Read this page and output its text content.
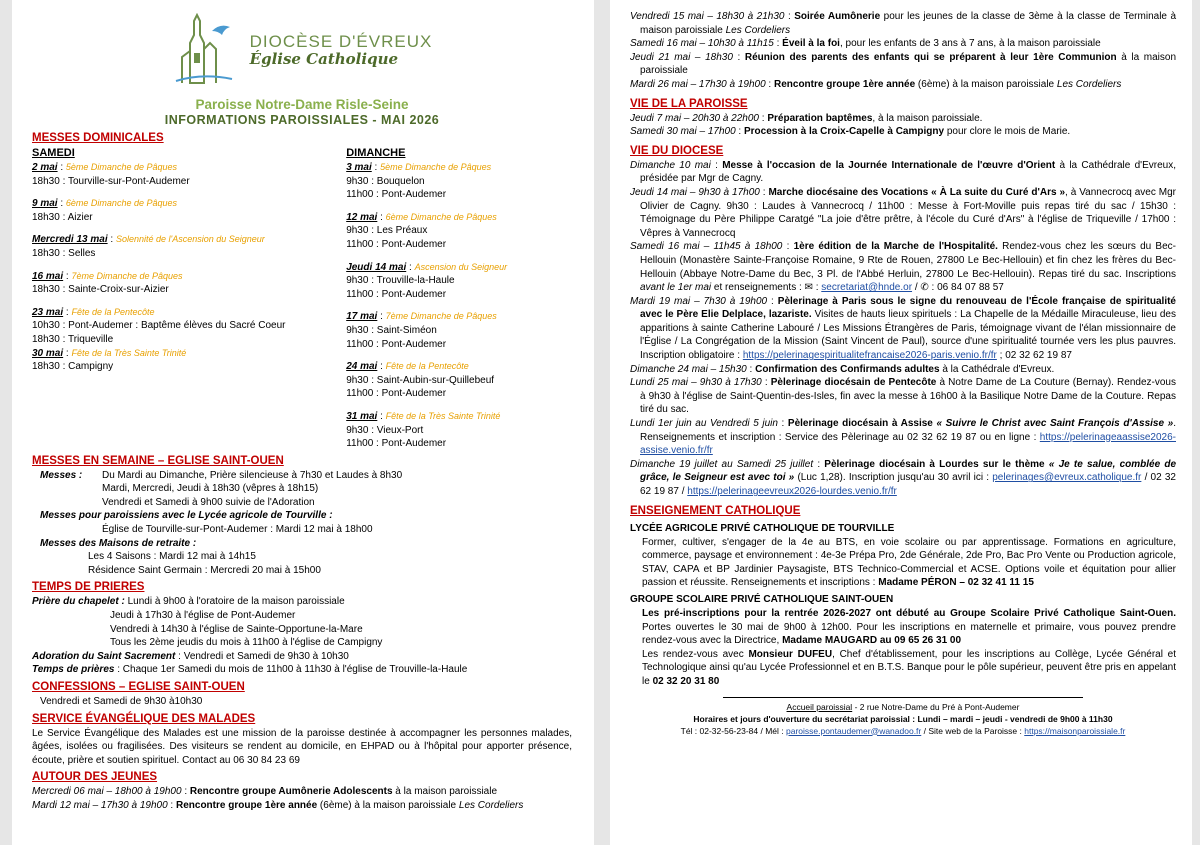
DIOCÈSE D'ÉVREUX
Église Catholique
Paroisse Notre-Dame Risle-Seine
INFORMATIONS PAROISSIALES - MAI 2026
MESSES DOMINICALES
SAMEDI
2 mai : 5ème Dimanche de Pâques
18h30 : Tourville-sur-Pont-Audemer
9 mai : 6ème Dimanche de Pâques
18h30 : Aizier
Mercredi 13 mai : Solennité de l'Ascension du Seigneur
18h30 : Selles
16 mai : 7ème Dimanche de Pâques
18h30 : Sainte-Croix-sur-Aizier
23 mai : Fête de la Pentecôte
10h30 : Pont-Audemer : Baptême élèves du Sacré Coeur
18h30 : Triqueville
30 mai : Fête de la Très Sainte Trinité
18h30 : Campigny
DIMANCHE
3 mai : 5ème Dimanche de Pâques
9h30 : Bouquelon
11h00 : Pont-Audemer
12 mai : 6ème Dimanche de Pâques
9h30 : Les Préaux
11h00 : Pont-Audemer
Jeudi 14 mai : Ascension du Seigneur
9h30 : Trouville-la-Haule
11h00 : Pont-Audemer
17 mai : 7ème Dimanche de Pâques
9h30 : Saint-Siméon
11h00 : Pont-Audemer
24 mai : Fête de la Pentecôte
9h30 : Saint-Aubin-sur-Quillebeuf
11h00 : Pont-Audemer
31 mai : Fête de la Très Sainte Trinité
9h30 : Vieux-Port
11h00 : Pont-Audemer
MESSES EN SEMAINE – EGLISE SAINT-OUEN
Messes :	Du Mardi au Dimanche, Prière silencieuse à 7h30 et Laudes à 8h30
Mardi, Mercredi, Jeudi à 18h30 (vêpres à 18h15)
Vendredi et Samedi à 9h00 suivie de l'Adoration
Messes pour paroissiens avec le Lycée agricole de Tourville :
Église de Tourville-sur-Pont-Audemer : Mardi 12 mai à 18h00
Messes des Maisons de retraite :
Les 4 Saisons : Mardi 12 mai à 14h15
Résidence Saint Germain : Mercredi 20 mai à 15h00
TEMPS DE PRIERES
Prière du chapelet : Lundi à 9h00 à l'oratoire de la maison paroissiale
Jeudi à 17h30 à l'église de Pont-Audemer
Vendredi à 14h30 à l'église de Sainte-Opportune-la-Mare
Tous les 2ème jeudis du mois à 11h00 à l'église de Campigny
Adoration du Saint Sacrement : Vendredi et Samedi de 9h30 à 10h30
Temps de prières : Chaque 1er Samedi du mois de 11h00 à 11h30 à l'église de Trouville-la-Haule
CONFESSIONS – EGLISE SAINT-OUEN
Vendredi et Samedi de 9h30 à10h30
SERVICE ÉVANGÉLIQUE DES MALADES
Le Service Évangélique des Malades est une mission de la paroisse destinée à accompagner les personnes malades, âgées, isolées ou fragilisées. Des visiteurs se rendent au domicile, en EHPAD ou à l'hôpital pour apporter présence, écoute, prière et soutien spirituel. Contact au 06 30 84 23 69
AUTOUR DES JEUNES
Mercredi 06 mai – 18h00 à 19h00 : Rencontre groupe Aumônerie Adolescents à la maison paroissiale
Mardi 12 mai – 17h30 à 19h00 : Rencontre groupe 1ère année (6ème) à la maison paroissiale Les Cordeliers
Vendredi 15 mai – 18h30 à 21h30 : Soirée Aumônerie pour les jeunes de la classe de 3ème à la classe de Terminale à maison paroissiale Les Cordeliers
Samedi 16 mai – 10h30 à 11h15 : Éveil à la foi, pour les enfants de 3 ans à 7 ans, à la maison paroissiale
Jeudi 21 mai – 18h30 : Réunion des parents des enfants qui se préparent à leur 1ère Communion à la maison paroissiale
Mardi 26 mai – 17h30 à 19h00 : Rencontre groupe 1ère année (6ème) à la maison paroissiale Les Cordeliers
VIE DE LA PAROISSE
Jeudi 7 mai – 20h30 à 22h00 : Préparation baptêmes, à la maison paroissiale.
Samedi 30 mai – 17h00 : Procession à la Croix-Capelle à Campigny pour clore le mois de Marie.
VIE DU DIOCESE
Dimanche 10 mai : Messe à l'occasion de la Journée Internationale de l'œuvre d'Orient à la Cathédrale d'Evreux, présidée par Mgr de Cagny.
Jeudi 14 mai – 9h30 à 17h00 : Marche diocésaine des Vocations « À La suite du Curé d'Ars », à Vannecrocq avec Mgr Olivier de Cagny. 9h30 : Laudes à Vannecrocq / 11h00 : Messe à Fort-Moville puis repas tiré du sac / 15h30 : Témoignage du Père Philippe Caratgé "La joie d'être prêtre, à l'école du Curé d'Ars" à l'église de Triqueville / 17h00 : Vêpres à Vannecrocq
Samedi 16 mai – 11h45 à 18h00 : 1ère édition de la Marche de l'Hospitalité. Rendez-vous chez les sœurs du Bec-Hellouin (Monastère Sainte-Françoise Romaine, 9 Rte de Rouen, 27800 Le Bec-Hellouin) et fin chez les frères du Bec-Hellouin (Abbaye Notre-Dame du Bec, 3 Pl. de l'Abbé Herluin, 27800 Le Bec-Hellouin). Repas tiré du sac. Inscriptions avant le 1er mai et renseignements : ✉ : secretariat@hnde.or / ✆ : 06 84 07 88 57
Mardi 19 mai – 7h30 à 19h00 : Pèlerinage à Paris sous le signe du renouveau de l'École française de spiritualité avec le Père Elie Delplace, lazariste. Visites de hauts lieux spirituels : La Chapelle de la Médaille Miraculeuse, lieu des apparitions à sainte Catherine Labouré / Les Missions Étrangères de Paris, témoignage vivant de l'élan missionnaire de l'Église / La Congrégation de la Mission (Saint Vincent de Paul), source d'une spiritualité tournée vers les plus pauvres. Inscription obligatoire : https://pelerinagespiritualitefrancaise2026-paris.venio.fr/fr ; 02 32 62 19 87
Dimanche 24 mai – 15h30 : Confirmation des Confirmands adultes à la Cathédrale d'Evreux.
Lundi 25 mai – 9h30 à 17h30 : Pèlerinage diocésain de Pentecôte à Notre Dame de La Couture (Bernay). Rendez-vous à 9h30 à l'église de Saint-Quentin-des-Isles, fin avec la messe à 16h00 à la Basilique Notre Dame de la Couture. Repas tiré du sac.
Lundi 1er juin au Vendredi 5 juin : Pèlerinage diocésain à Assise « Suivre le Christ avec Saint François d'Assise ». Renseignements et inscription : Service des Pèlerinage au 02 32 62 19 87 ou en ligne : https://pelerinageaassise2026-assise.venio.fr/fr
Dimanche 19 juillet au Samedi 25 juillet : Pèlerinage diocésain à Lourdes sur le thème « Je te salue, comblée de grâce, le Seigneur est avec toi » (Luc 1,28). Inscription jusqu'au 30 avril ici : pelerinages@evreux.catholique.fr / 02 32 62 19 87 / https://pelerinageevreux2026-lourdes.venio.fr/fr
ENSEIGNEMENT CATHOLIQUE
LYCÉE AGRICOLE PRIVÉ CATHOLIQUE DE TOURVILLE
Former, cultiver, s'engager de la 4e au BTS, en voie scolaire ou par apprentissage. Formations en agriculture, commerce, paysage et environnement : 4e-3e Prépa Pro, 2de Générale, 2de Pro, Bac Pro Vente ou Production agricole, STAV, CAPA et BP Jardinier Paysagiste, BTS Technico-Commercial et ACSE. Options voile et équitation pour allier passion et réussite. Renseignements et inscriptions : Madame PÉRON – 02 32 41 11 15
GROUPE SCOLAIRE PRIVÉ CATHOLIQUE SAINT-OUEN
Les pré-inscriptions pour la rentrée 2026-2027 ont débuté au Groupe Scolaire Privé Catholique Saint-Ouen. Portes ouvertes le 30 mai de 9h00 à 12h00. Pour les inscriptions en maternelle et primaire, vous pouvez prendre rendez-vous avec la Directrice, Madame MAUGARD au 09 65 26 31 00
Les rendez-vous avec Monsieur DUFEU, Chef d'établissement, pour les inscriptions au Collège, Lycée Général et Technologique ainsi qu'au Lycée Professionnel et en B.T.S. Banque pour le pôle supérieur, peuvent être pris en appelant le 02 32 20 31 80
Accueil paroissial - 2 rue Notre-Dame du Pré à Pont-Audemer
Horaires et jours d'ouverture du secrétariat paroissial : Lundi – mardi – jeudi - vendredi de 9h00 à 11h30
Tél : 02-32-56-23-84 / Mél : paroisse.pontaudemer@wanadoo.fr / Site web de la Paroisse : https://maisonparoissiale.fr
